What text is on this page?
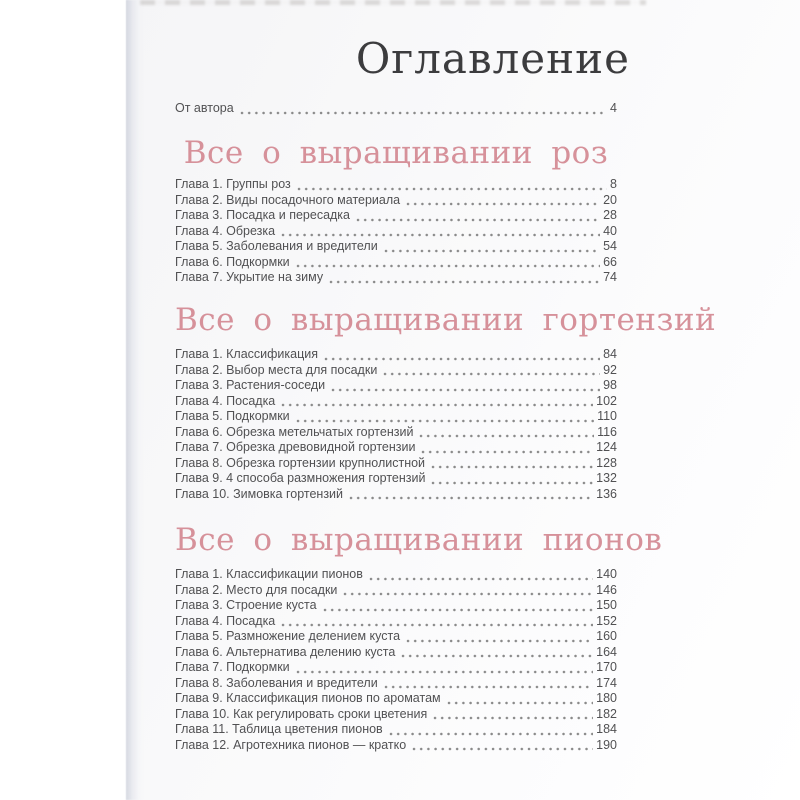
Оглавление
От автора	4
Все о выращивании роз
Глава 1. Группы роз	8
Глава 2. Виды посадочного материала	20
Глава 3. Посадка и пересадка	28
Глава 4. Обрезка	40
Глава 5. Заболевания и вредители	54
Глава 6. Подкормки	66
Глава 7. Укрытие на зиму	74
Все о выращивании гортензий
Глава 1. Классификация	84
Глава 2. Выбор места для посадки	92
Глава 3. Растения-соседи	98
Глава 4. Посадка	102
Глава 5. Подкормки	110
Глава 6. Обрезка метельчатых гортензий	116
Глава 7. Обрезка древовидной гортензии	124
Глава 8. Обрезка гортензии крупнолистной	128
Глава 9. 4 способа размножения гортензий	132
Глава 10. Зимовка гортензий	136
Все о выращивании пионов
Глава 1. Классификации пионов	140
Глава 2. Место для посадки	146
Глава 3. Строение куста	150
Глава 4. Посадка	152
Глава 5. Размножение делением куста	160
Глава 6. Альтернатива делению куста	164
Глава 7. Подкормки	170
Глава 8. Заболевания и вредители	174
Глава 9. Классификация пионов по ароматам	180
Глава 10. Как регулировать сроки цветения	182
Глава 11. Таблица цветения пионов	184
Глава 12. Агротехника пионов — кратко	190
